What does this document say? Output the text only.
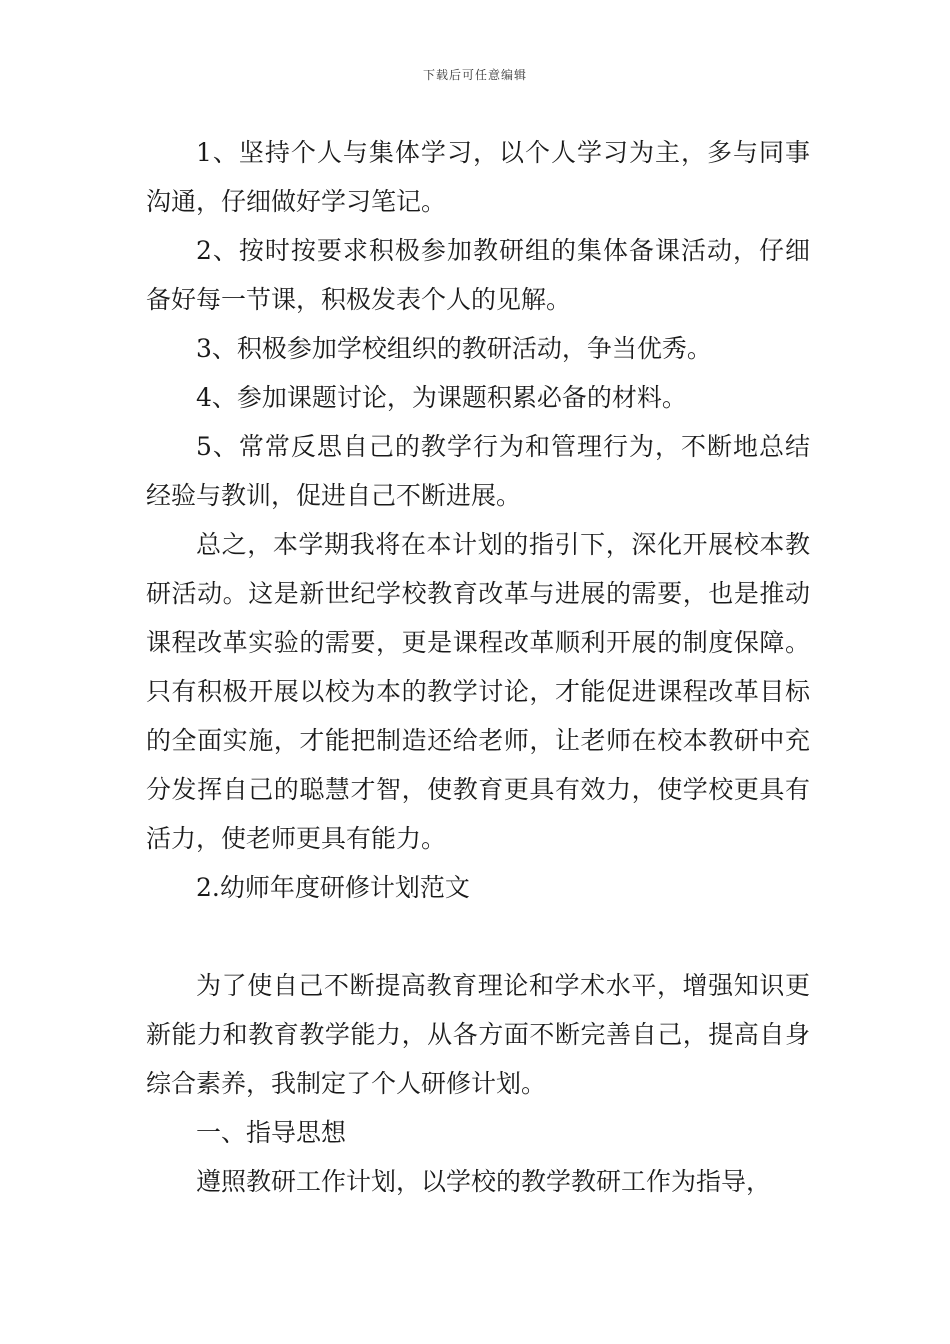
下载后可任意编辑

1、坚持个人与集体学习，以个人学习为主，多与同事沟通，仔细做好学习笔记。

2、按时按要求积极参加教研组的集体备课活动，仔细备好每一节课，积极发表个人的见解。

3、积极参加学校组织的教研活动，争当优秀。

4、参加课题讨论，为课题积累必备的材料。

5、常常反思自己的教学行为和管理行为，不断地总结经验与教训，促进自己不断进展。

总之，本学期我将在本计划的指引下，深化开展校本教研活动。这是新世纪学校教育改革与进展的需要，也是推动课程改革实验的需要，更是课程改革顺利开展的制度保障。只有积极开展以校为本的教学讨论，才能促进课程改革目标的全面实施，才能把制造还给老师，让老师在校本教研中充分发挥自己的聪慧才智，使教育更具有效力，使学校更具有活力，使老师更具有能力。

2.幼师年度研修计划范文

为了使自己不断提高教育理论和学术水平，增强知识更新能力和教育教学能力，从各方面不断完善自己，提高自身综合素养，我制定了个人研修计划。

一、指导思想

遵照教研工作计划，以学校的教学教研工作为指导，
